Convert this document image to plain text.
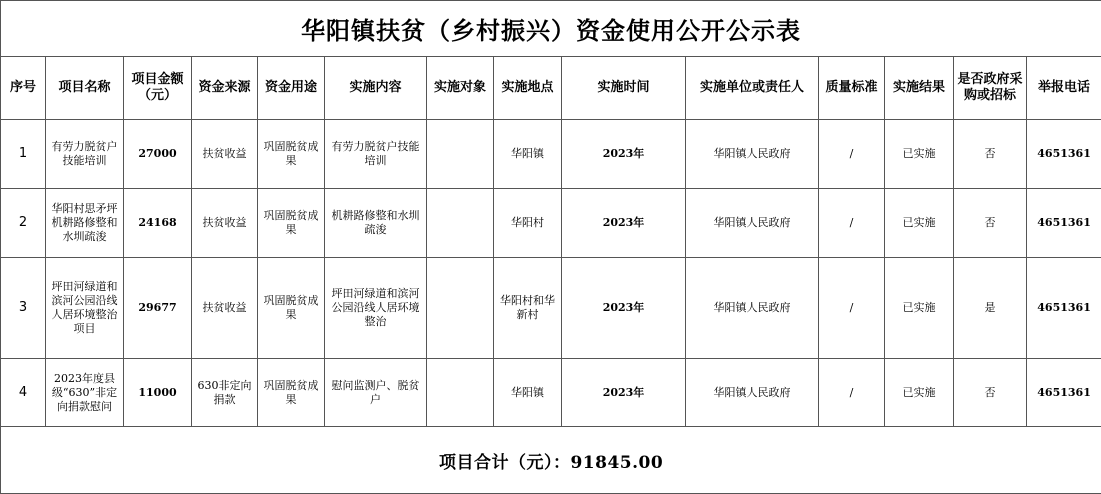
华阳镇扶贫（乡村振兴）资金使用公开公示表													
序号	项目名称	项目金额（元）	资金来源	资金用途	实施内容	实施对象	实施地点	实施时间	实施单位或责任人	质量标准	实施结果	是否政府采购或招标	举报电话
1	有劳力脱贫户技能培训	27000	扶贫收益	巩固脱贫成果	有劳力脱贫户技能培训		华阳镇	2023年	华阳镇人民政府	/	已实施	否	4651361
2	华阳村思矛坪机耕路修整和水圳疏浚	24168	扶贫收益	巩固脱贫成果	机耕路修整和水圳疏浚		华阳村	2023年	华阳镇人民政府	/	已实施	否	4651361
3	坪田河绿道和滨河公园沿线人居环境整治项目	29677	扶贫收益	巩固脱贫成果	坪田河绿道和滨河公园沿线人居环境整治		华阳村和华新村	2023年	华阳镇人民政府	/	已实施	是	4651361
4	2023年度县级“630”非定向捐款慰问	11000	630非定向捐款	巩固脱贫成果	慰问监测户、脱贫户		华阳镇	2023年	华阳镇人民政府	/	已实施	否	4651361
项目合计（元）：91845.00													
